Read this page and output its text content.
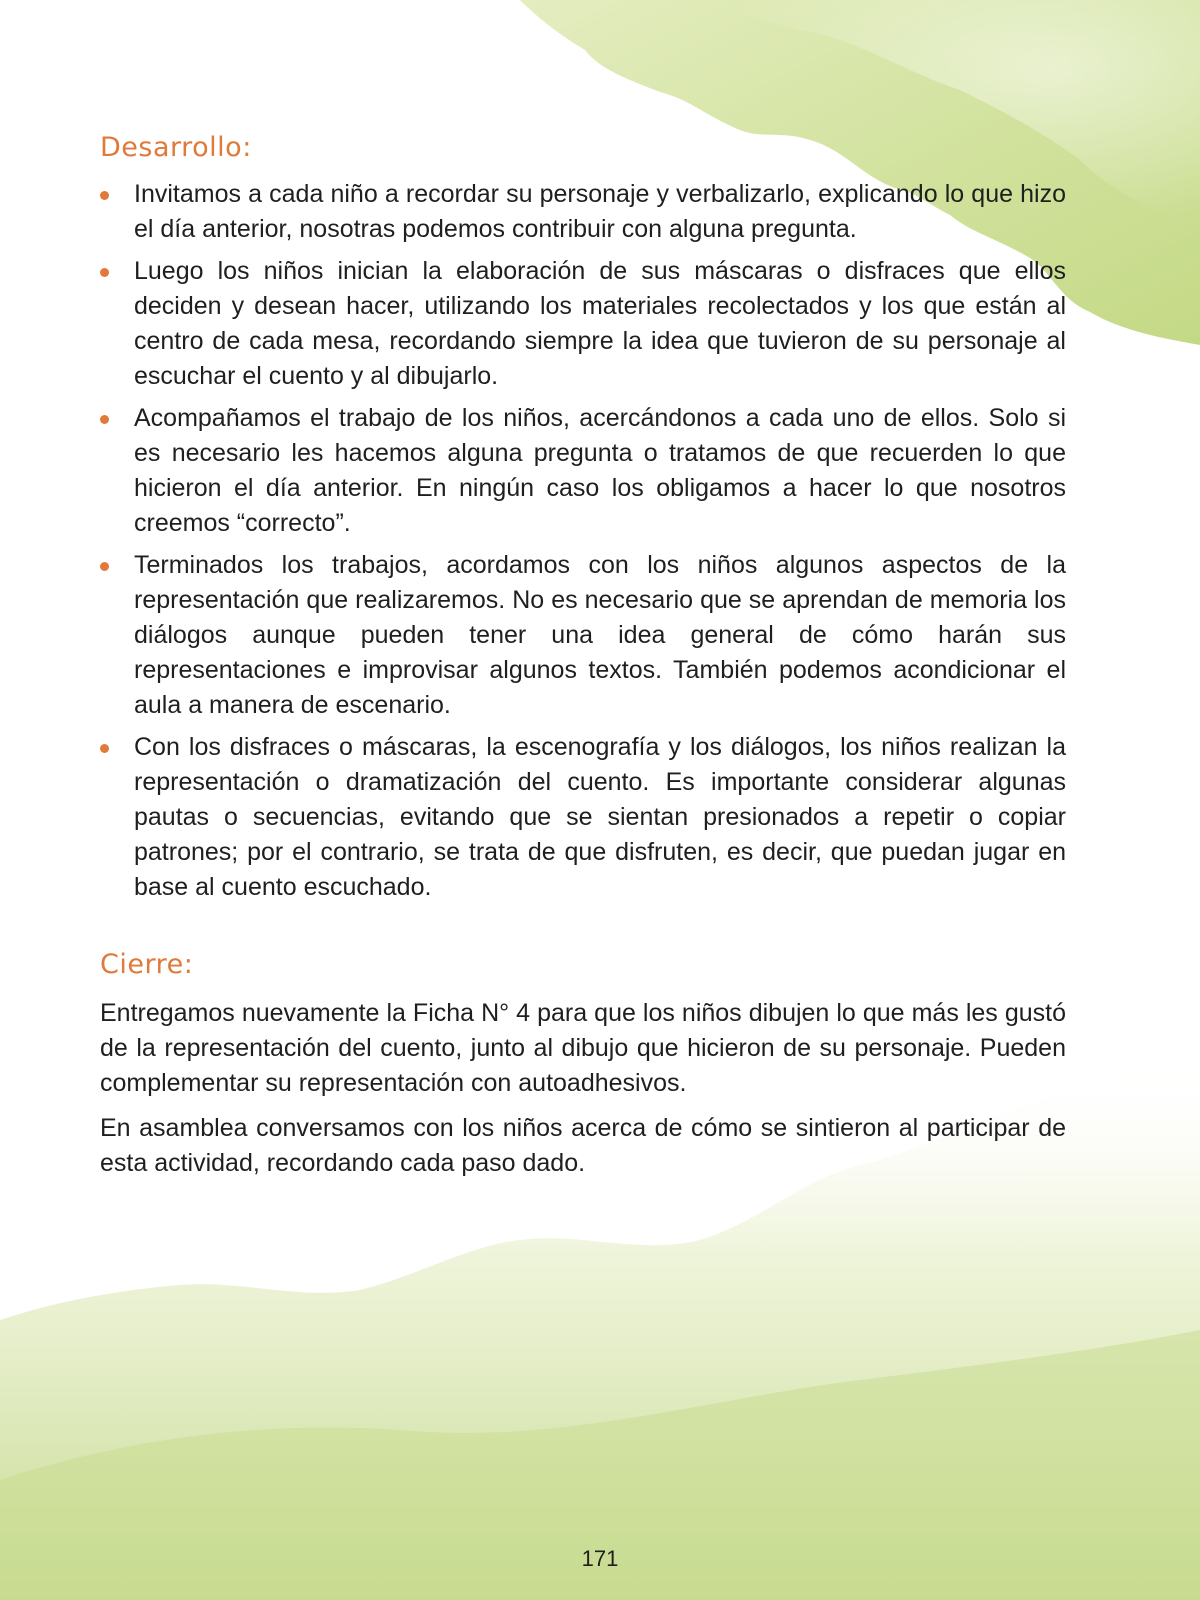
Desarrollo:
Invitamos a cada niño a recordar su personaje y verbalizarlo, explicando lo que hizo el día anterior, nosotras podemos contribuir con alguna pregunta.
Luego los niños inician la elaboración de sus máscaras o disfraces que ellos deciden y desean hacer, utilizando los materiales recolectados y los que están al centro de cada mesa, recordando siempre la idea que tuvieron de su personaje al escuchar el cuento y al dibujarlo.
Acompañamos el trabajo de los niños, acercándonos a cada uno de ellos. Solo si es necesario les hacemos alguna pregunta o tratamos de que recuerden lo que hicieron el día anterior. En ningún caso los obligamos a hacer lo que nosotros creemos “correcto”.
Terminados los trabajos, acordamos con los niños algunos aspectos de la representación que realizaremos. No es necesario que se aprendan de memoria los diálogos aunque pueden tener una idea general de cómo harán sus representaciones e improvisar algunos textos. También podemos acondicionar el aula a manera de escenario.
Con los disfraces o máscaras, la escenografía y los diálogos, los niños realizan la representación o dramatización del cuento. Es importante considerar algunas pautas o secuencias, evitando que se sientan presionados a repetir o copiar patrones; por el contrario, se trata de que disfruten, es decir, que puedan jugar en base al cuento escuchado.
Cierre:

Entregamos nuevamente la Ficha N° 4 para que los niños dibujen lo que más les gustó de la representación del cuento, junto al dibujo que hicieron de su personaje. Pueden complementar su representación con autoadhesivos.

En asamblea conversamos con los niños acerca de cómo se sintieron al participar de esta actividad, recordando cada paso dado.

171
